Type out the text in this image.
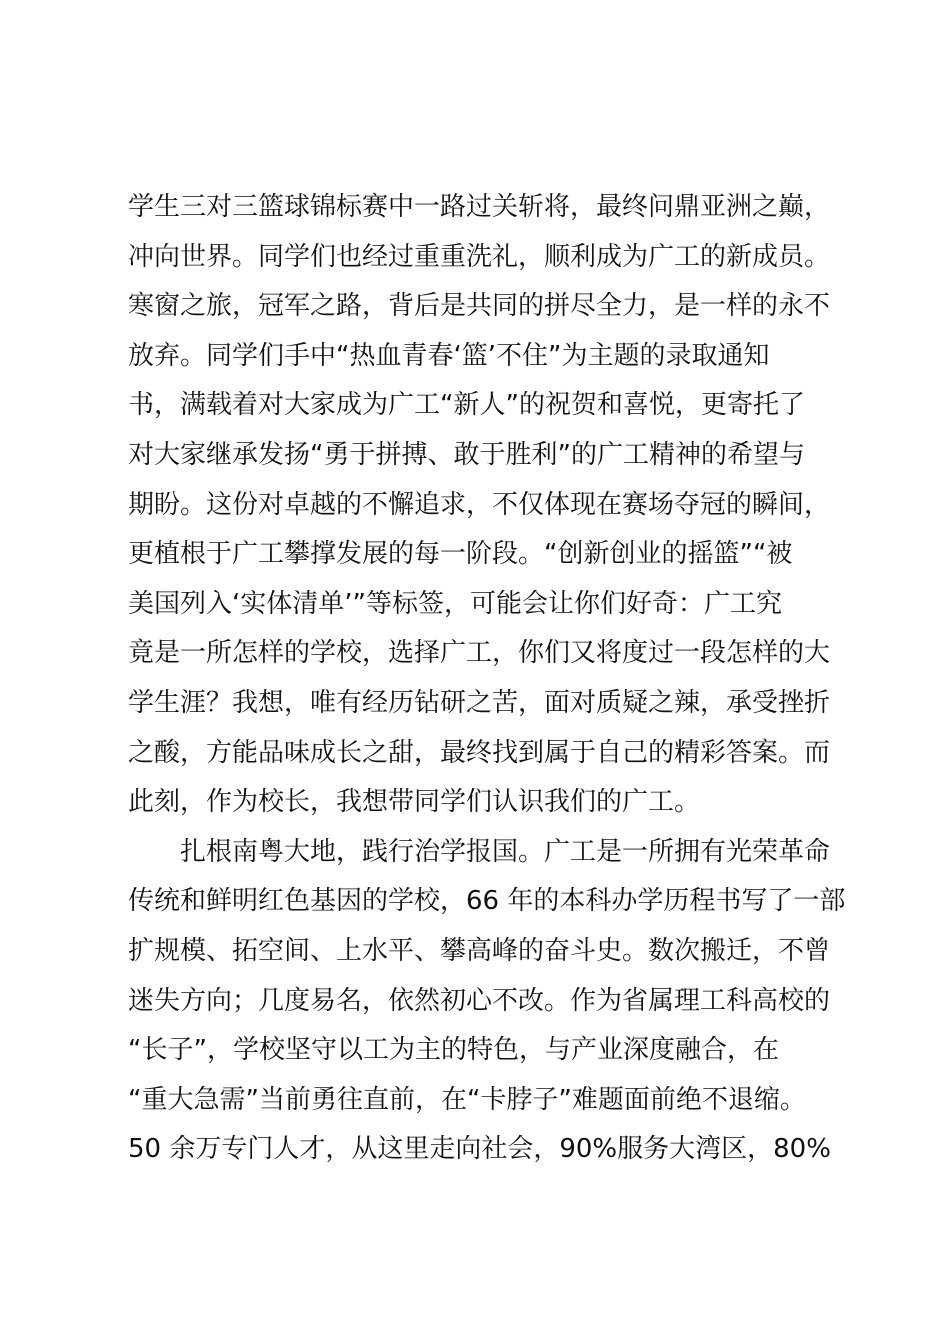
学生三对三篮球锦标赛中一路过关斩将，最终问鼎亚洲之巅，
冲向世界。同学们也经过重重洗礼，顺利成为广工的新成员。
寒窗之旅，冠军之路，背后是共同的拼尽全力，是一样的永不
放弃。同学们手中“热血青春‘篮’不住”为主题的录取通知
书，满载着对大家成为广工“新人”的祝贺和喜悦，更寄托了
对大家继承发扬“勇于拼搏、敢于胜利”的广工精神的希望与
期盼。这份对卓越的不懈追求，不仅体现在赛场夺冠的瞬间，
更植根于广工攀撑发展的每一阶段。“创新创业的摇篮”“被
美国列入‘实体清单’”等标签，可能会让你们好奇：广工究
竟是一所怎样的学校，选择广工，你们又将度过一段怎样的大
学生涯？我想，唯有经历钻研之苦，面对质疑之辣，承受挫折
之酸，方能品味成长之甜，最终找到属于自己的精彩答案。而
此刻，作为校长，我想带同学们认识我们的广工。
扎根南粤大地，践行治学报国。广工是一所拥有光荣革命
传统和鲜明红色基因的学校，66 年的本科办学历程书写了一部
扩规模、拓空间、上水平、攀高峰的奋斗史。数次搬迁，不曾
迷失方向；几度易名，依然初心不改。作为省属理工科高校的
“长子”，学校坚守以工为主的特色，与产业深度融合，在
“重大急需”当前勇往直前，在“卡脖子”难题面前绝不退缩。
50 余万专门人才，从这里走向社会，90%服务大湾区，80%
